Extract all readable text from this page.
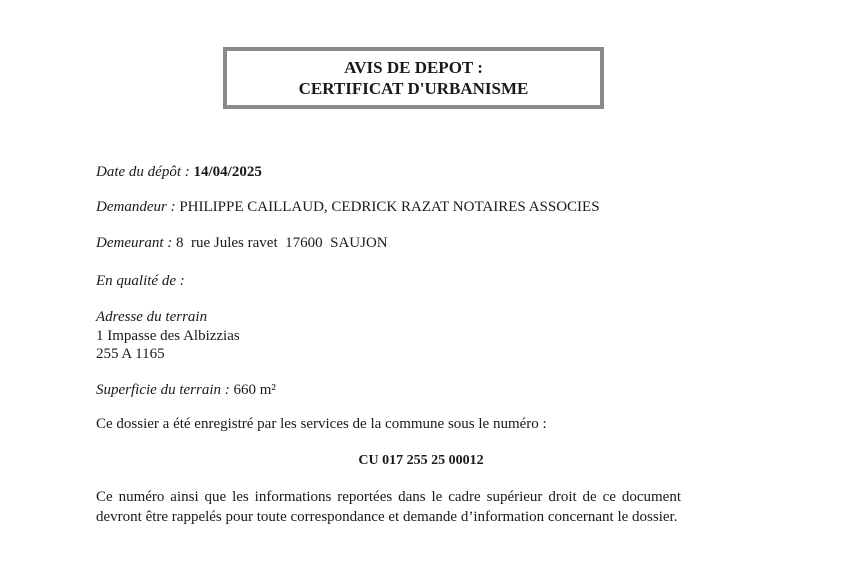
AVIS DE DEPOT :
CERTIFICAT D'URBANISME
Date du dépôt : 14/04/2025
Demandeur : PHILIPPE CAILLAUD, CEDRICK RAZAT NOTAIRES ASSOCIES
Demeurant : 8  rue Jules ravet  17600  SAUJON
En qualité de :
Adresse du terrain
1 Impasse des Albizzias
255 A 1165
Superficie du terrain : 660 m²
Ce dossier a été enregistré par les services de la commune sous le numéro :
CU 017 255 25 00012
Ce numéro ainsi que les informations reportées dans le cadre supérieur droit de ce document devront être rappelés pour toute correspondance et demande d’information concernant le dossier.
